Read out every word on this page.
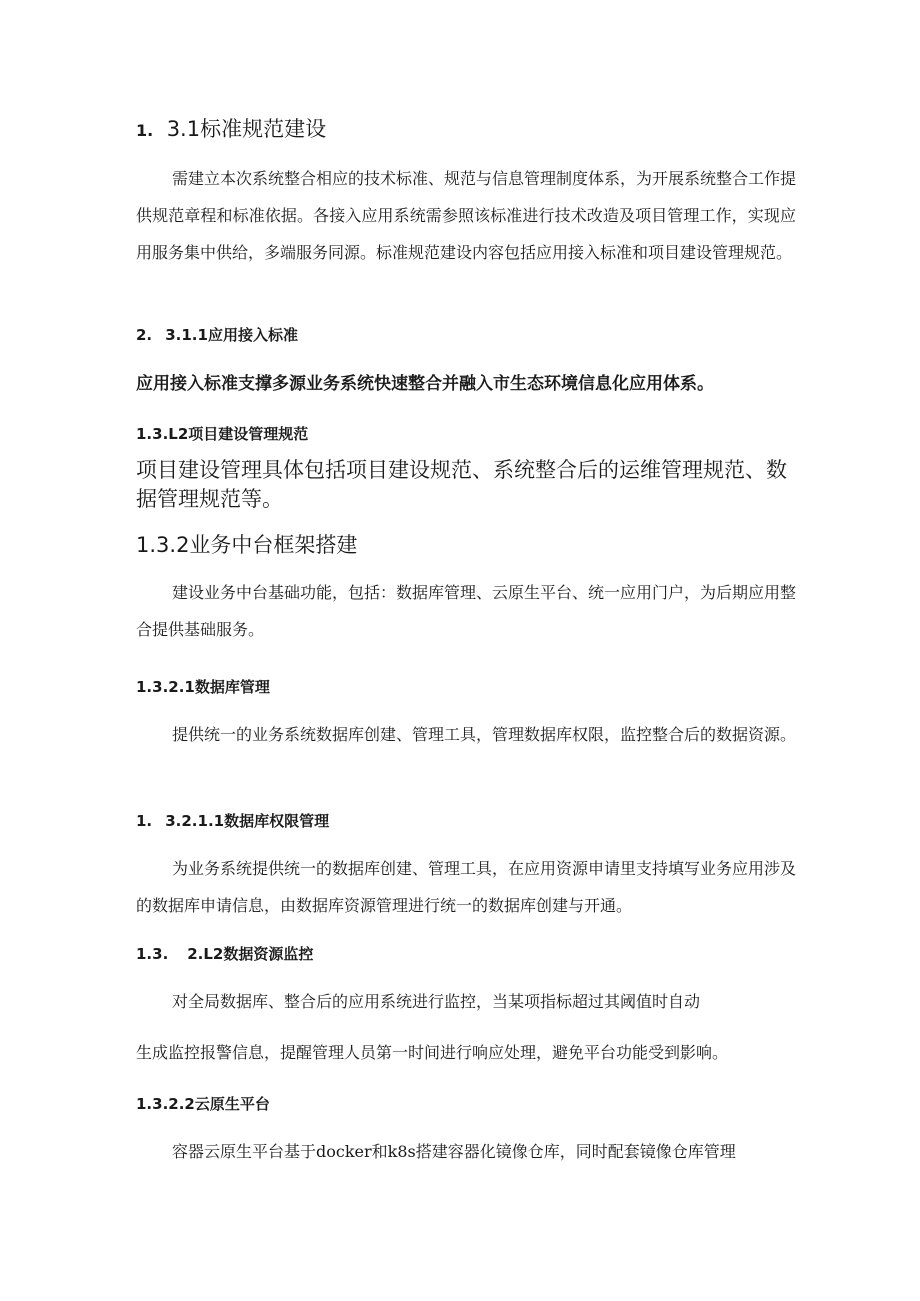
1. 3.1标准规范建设

需建立本次系统整合相应的技术标准、规范与信息管理制度体系，为开展系统整合工作提供规范章程和标准依据。各接入应用系统需参照该标准进行技术改造及项目管理工作，实现应用服务集中供给，多端服务同源。标准规范建设内容包括应用接入标准和项目建设管理规范。

2. 3.1.1应用接入标准

应用接入标准支撑多源业务系统快速整合并融入市生态环境信息化应用体系。

1.3.L2项目建设管理规范

项目建设管理具体包括项目建设规范、系统整合后的运维管理规范、数据管理规范等。

1.3.2业务中台框架搭建

建设业务中台基础功能，包括：数据库管理、云原生平台、统一应用门户，为后期应用整合提供基础服务。

1.3.2.1数据库管理

提供统一的业务系统数据库创建、管理工具，管理数据库权限，监控整合后的数据资源。

1. 3.2.1.1数据库权限管理

为业务系统提供统一的数据库创建、管理工具，在应用资源申请里支持填写业务应用涉及的数据库申请信息，由数据库资源管理进行统一的数据库创建与开通。

1.3. 2.L2数据资源监控

对全局数据库、整合后的应用系统进行监控，当某项指标超过其阈值时自动

生成监控报警信息，提醒管理人员第一时间进行响应处理，避免平台功能受到影响。

1.3.2.2云原生平台

容器云原生平台基于docker和k8s搭建容器化镜像仓库，同时配套镜像仓库管理
